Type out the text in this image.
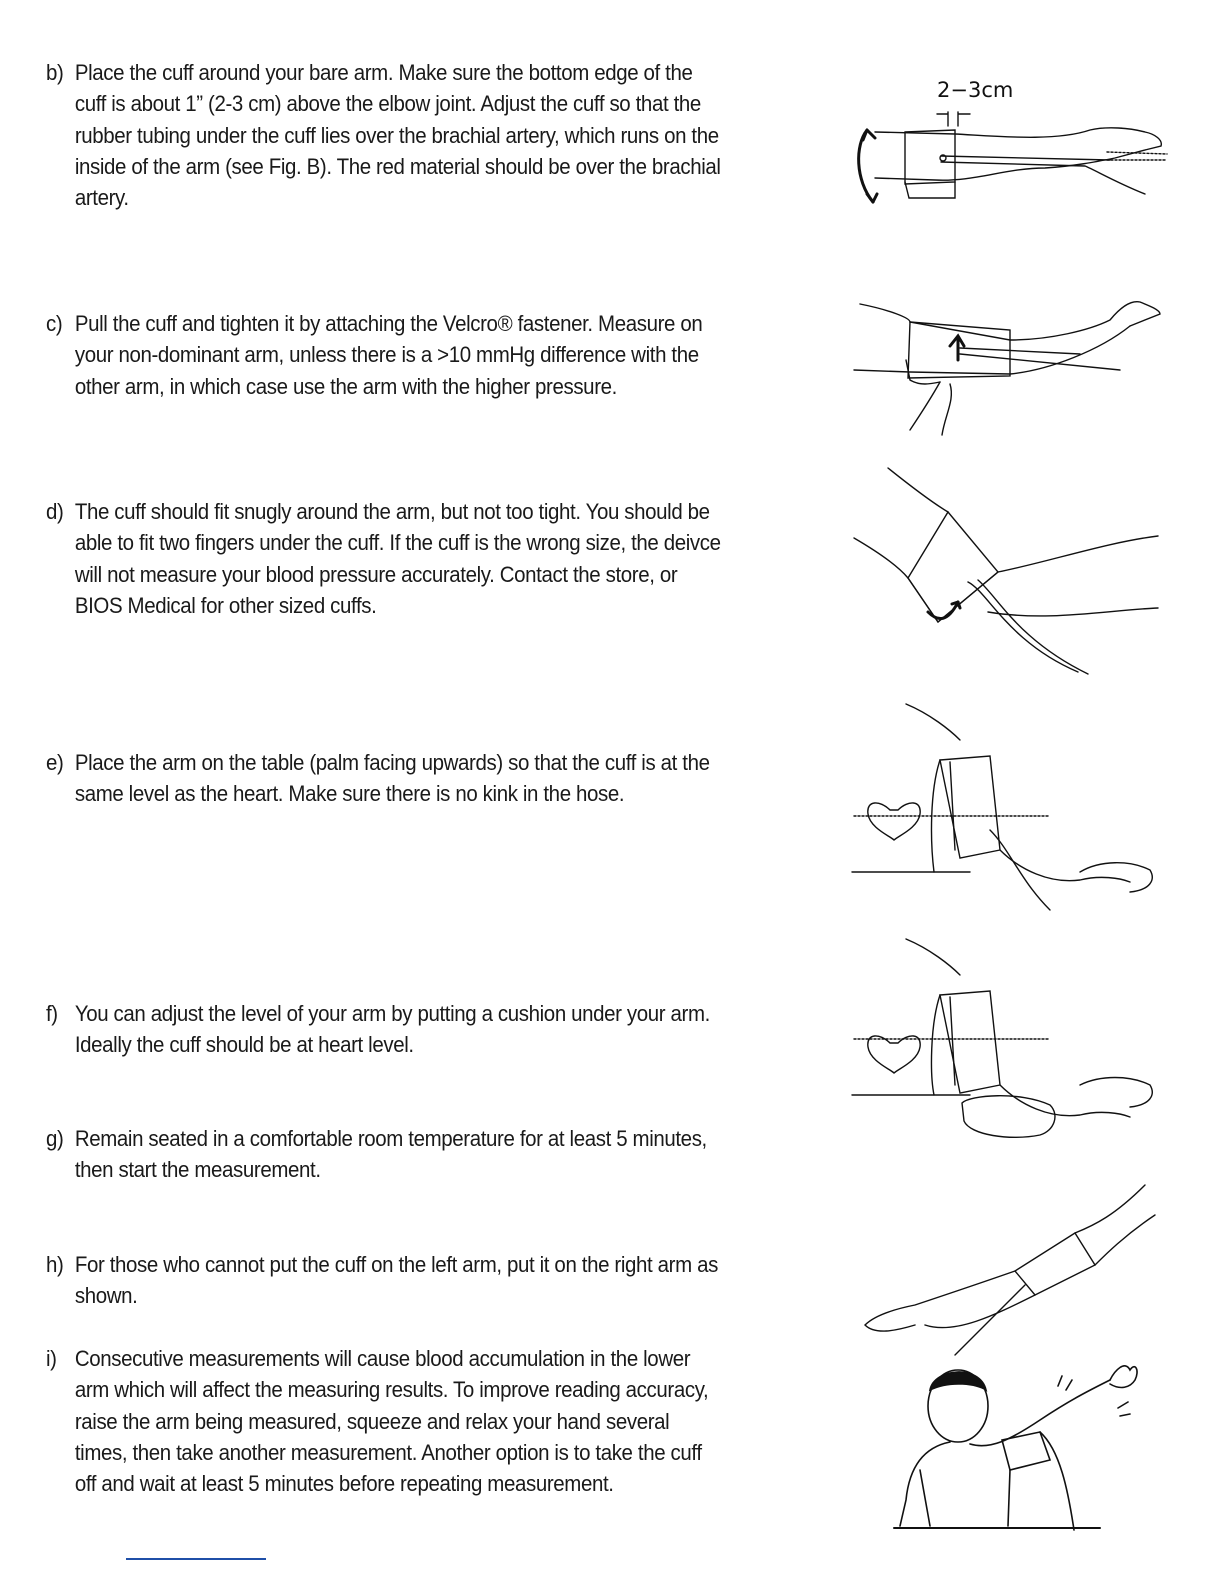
b) Place the cuff around your bare arm. Make sure the bottom edge of the cuff is about 1” (2-3 cm) above the elbow joint. Adjust the cuff so that the rubber tubing under the cuff lies over the brachial artery, which runs on the inside of the arm (see Fig. B). The red material should be over the brachial artery.
c) Pull the cuff and tighten it by attaching the Velcro® fastener. Measure on your non-dominant arm, unless there is a >10 mmHg difference with the other arm, in which case use the arm with the higher pressure.
d) The cuff should fit snugly around the arm, but not too tight. You should be able to fit two fingers under the cuff. If the cuff is the wrong size, the deivce will not measure your blood pressure accurately. Contact the store, or BIOS Medical for other sized cuffs.
e) Place the arm on the table (palm facing upwards) so that the cuff is at the same level as the heart. Make sure there is no kink in the hose.
f) You can adjust the level of your arm by putting a cushion under your arm. Ideally the cuff should be at heart level.
g) Remain seated in a comfortable room temperature for at least 5 minutes, then start the measurement.
h) For those who cannot put the cuff on the left arm, put it on the right arm as shown.
i) Consecutive measurements will cause blood accumulation in the lower arm which will affect the measuring results. To improve reading accuracy, raise the arm being measured, squeeze and relax your hand several times, then take another measurement. Another option is to take the cuff off and wait at least 5 minutes before repeating measurement.
2−3cm
